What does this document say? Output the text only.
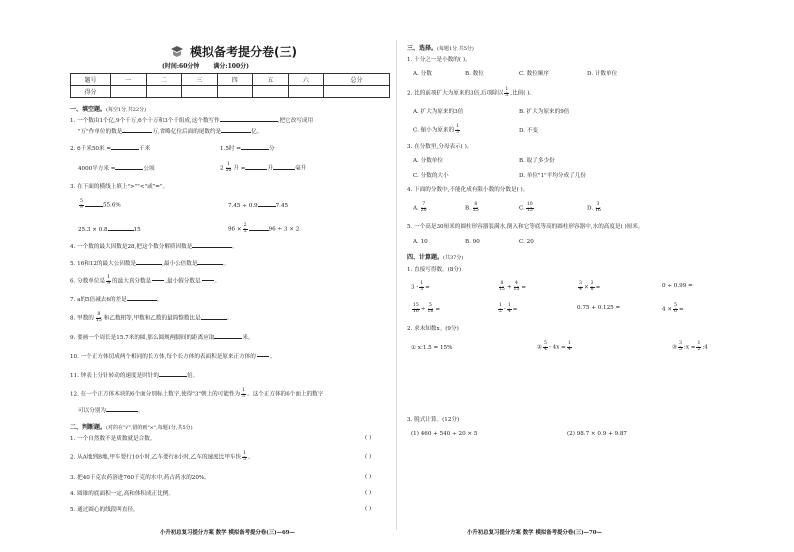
模拟备考提分卷(三)
(时间:60分钟 满分:100分)
题号	一	二	三	四	五	六	总分
得分							
一、填空题。(每空1分,共22分)
1. 一个数由1个亿,9个千万,6个十万和3个千组成,这个数写作	,把它改写成用
"万"作单位的数是	万,省略亿位后面的尾数约是	亿。
2. 6千米50米 =	千米	1.5时 =	分
4000平方米 =	公顷	$2 \frac{1}{20}$ 升 =	升	毫升
3. 在下面的横线上填上">""<"或"="。
$\frac{5}{9}$	55.6%	7.45 ÷ 0.9	7.45
25.3 × 0.8	15	$96 \times \frac{2}{3}$	96 ÷ 3 × 2
4. 一个数的最大因数是28,把这个数分解质因数是	。
5. 16和12的最大公因数是	,最小公倍数是	。
6. 分数单位是 $\frac{1}{9}$ 的最大真分数是	,最小假分数是	。
7. a的5倍减去6的差是	。
8. 甲数的 $\frac{8}{15}$ 和乙数相等,甲数和乙数的最简整数比是	。
9. 要画一个周长是15.7米的圆,那么圆规两脚间的距离应取	米。
10. 一个正方体切成两个相同的长方体,每个长方体的表面积是原来正方体的	。
11. 钟表上分针转动的速度是时针的	倍。
12. 在一个正方体木块的6个面分别标上数字,使得"3"朝上的可能性为 $\frac{1}{3}$ 。这个正方体的6个面上的数字
可以分别为	。
二、判断题。(对的在"√",错的画"×",每题1分,共5分)
1. 一个自然数不是质数就是合数。	( )
2. 从A地到B地,甲车要行10小时,乙车要行8小时,乙车的速度比甲车快 $\frac{1}{5}$ 。	( )
3. 把40千克农药溶进760千克的水中,药占药水的20%。	( )
4. 圆锥的底面积一定,高和体积成正比例。	( )
5. 通过圆心的线段叫直径。	( )
小升初总复习提分方案 数学 模拟备考提分卷(三)—69—
三、选择。(每题1分,共5分)
1. 十分之一是小数的( )。
A. 分数	B. 数位	C. 数位顺序	D. 计数单位
2. 比的前项扩大为原来的3倍,后项除以 $\frac{1}{3}$ ,比值( )。
A. 扩大为原来的3倍	B. 扩大为原来的9倍
C. 缩小为原来的 $\frac{1}{3}$	D. 不变
3. 在分数里,分母表示( )。
A. 分数单位	B. 取了多少份
C. 分数的大小	D. 单位"1"平均分成了几份
4. 下面的分数中,不能化成有限小数的分数是( )。
A. $\frac{7}{20}$	B. $\frac{8}{25}$	C. $\frac{10}{15}$	D. $\frac{3}{16}$
5. 一个高是30厘米的圆柱形容器装满水,倒入和它等底等高的圆柱形容器中,水的高度是( )厘米。
A. 10	B. 90	C. 20
四、计算题。(共37分)
1. 直接写得数。(8分)
$3 - \frac{1}{3}$ =	$\frac{8}{15} + \frac{4}{15}$ =	$\frac{3}{4} \times \frac{3}{8}$ =	0 ÷ 0.99 =
$\frac{15}{16} \div \frac{5}{16}$ =	$\frac{1}{2} - \frac{1}{4}$ =	0.75 + 0.125 =	$4 \times \frac{5}{6}$ =
2. 求未知数x。(9分)
① x:1.5 = 15%	② $\frac{5}{4} - 4x = \frac{1}{4}$	③ $\frac{3}{5}$ :x = $\frac{1}{2}$ :4
3. 脱式计算。(12分)
(1) 460 + 540 ÷ 20 × 5	(2) 98.7 × 0.9 + 9.87
小升初总复习提分方案 数学 模拟备考提分卷(三)—70—
